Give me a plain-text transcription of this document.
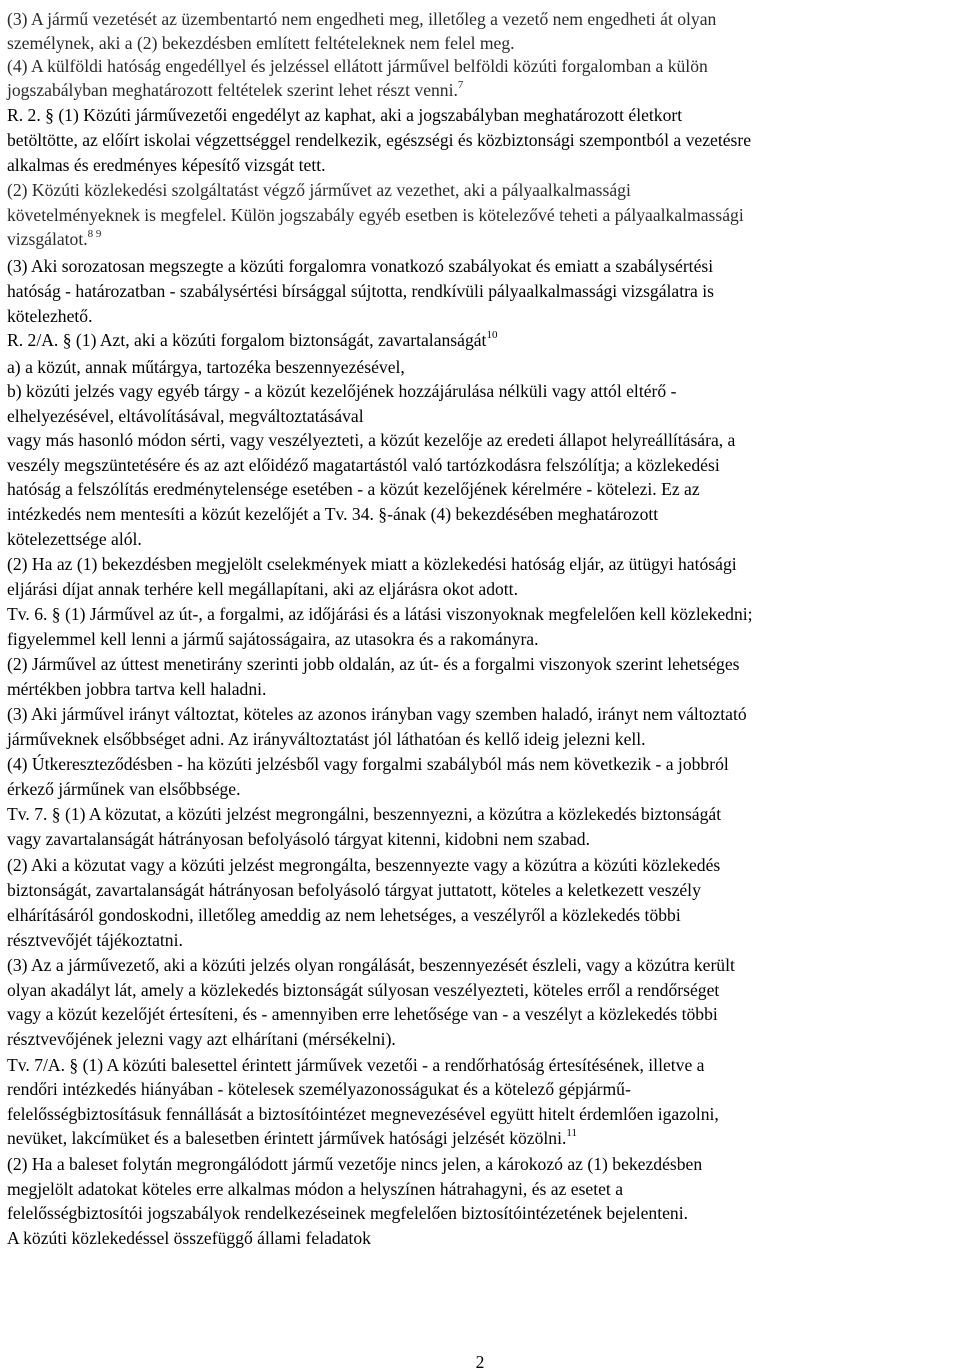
(3) A jármű vezetését az üzembentartó nem engedheti meg, illetőleg a vezető nem engedheti át olyan
személynek, aki a (2) bekezdésben említett feltételeknek nem felel meg.
(4) A külföldi hatóság engedéllyel és jelzéssel ellátott járművel belföldi közúti forgalomban a külön
jogszabályban meghatározott feltételek szerint lehet részt venni.$^7$
R. 2. § (1) Közúti járművezetői engedélyt az kaphat, aki a jogszabályban meghatározott életkort
betöltötte, az előírt iskolai végzettséggel rendelkezik, egészségi és közbiztonsági szempontból a vezetésre
alkalmas és eredményes képesítő vizsgát tett.
(2) Közúti közlekedési szolgáltatást végző járművet az vezethet, aki a pályaalkalmassági
követelményeknek is megfelel. Külön jogszabály egyéb esetben is kötelezővé teheti a pályaalkalmassági
vizsgálatot.$^{8 9}$
(3) Aki sorozatosan megszegte a közúti forgalomra vonatkozó szabályokat és emiatt a szabálysértési
hatóság - határozatban - szabálysértési bírsággal sújtotta, rendkívüli pályaalkalmassági vizsgálatra is
kötelezhető.
R. 2/A. § (1) Azt, aki a közúti forgalom biztonságát, zavartalanságát$^{10}$
a) a közút, annak műtárgya, tartozéka beszennyezésével,
b) közúti jelzés vagy egyéb tárgy - a közút kezelőjének hozzájárulása nélküli vagy attól eltérő -
elhelyezésével, eltávolításával, megváltoztatásával
vagy más hasonló módon sérti, vagy veszélyezteti, a közút kezelője az eredeti állapot helyreállítására, a
veszély megszüntetésére és az azt előidéző magatartástól való tartózkodásra felszólítja; a közlekedési
hatóság a felszólítás eredménytelensége esetében - a közút kezelőjének kérelmére - kötelezi. Ez az
intézkedés nem mentesíti a közút kezelőjét a Tv. 34. §-ának (4) bekezdésében meghatározott
kötelezettsége alól.
(2) Ha az (1) bekezdésben megjelölt cselekmények miatt a közlekedési hatóság eljár, az ütügyi hatósági
eljárási díjat annak terhére kell megállapítani, aki az eljárásra okot adott.
Tv. 6. § (1) Járművel az út-, a forgalmi, az időjárási és a látási viszonyoknak megfelelően kell közlekedni;
figyelemmel kell lenni a jármű sajátosságaira, az utasokra és a rakományra.
(2) Járművel az úttest menetirány szerinti jobb oldalán, az út- és a forgalmi viszonyok szerint lehetséges
mértékben jobbra tartva kell haladni.
(3) Aki járművel irányt változtat, köteles az azonos irányban vagy szemben haladó, irányt nem változtató
járműveknek elsőbbséget adni. Az irányváltoztatást jól láthatóan és kellő ideig jelezni kell.
(4) Útkereszteződésben - ha közúti jelzésből vagy forgalmi szabályból más nem következik - a jobbról
érkező járműnek van elsőbbsége.
Tv. 7. § (1) A közutat, a közúti jelzést megrongálni, beszennyezni, a közútra a közlekedés biztonságát
vagy zavartalanságát hátrányosan befolyásoló tárgyat kitenni, kidobni nem szabad.
(2) Aki a közutat vagy a közúti jelzést megrongálta, beszennyezte vagy a közútra a közúti közlekedés
biztonságát, zavartalanságát hátrányosan befolyásoló tárgyat juttatott, köteles a keletkezett veszély
elhárításáról gondoskodni, illetőleg ameddig az nem lehetséges, a veszélyről a közlekedés többi
résztvevőjét tájékoztatni.
(3) Az a járművezető, aki a közúti jelzés olyan rongálását, beszennyezését észleli, vagy a közútra került
olyan akadályt lát, amely a közlekedés biztonságát súlyosan veszélyezteti, köteles erről a rendőrséget
vagy a közút kezelőjét értesíteni, és - amennyiben erre lehetősége van - a veszélyt a közlekedés többi
résztvevőjének jelezni vagy azt elhárítani (mérsékelni).
Tv. 7/A. § (1) A közúti balesettel érintett járművek vezetői - a rendőrhatóság értesítésének, illetve a
rendőri intézkedés hiányában - kötelesek személyazonosságukat és a kötelező gépjármű-
felelősségbiztosításuk fennállását a biztosítóintézet megnevezésével együtt hitelt érdemlően igazolni,
nevüket, lakcímüket és a balesetben érintett járművek hatósági jelzését közölni.$^{11}$
(2) Ha a baleset folytán megrongálódott jármű vezetője nincs jelen, a károkozó az (1) bekezdésben
megjelölt adatokat köteles erre alkalmas módon a helyszínen hátrahagyni, és az esetet a
felelősségbiztosítói jogszabályok rendelkezéseinek megfelelően biztosítóintézetének bejelenteni.
A közúti közlekedéssel összefüggő állami feladatok
2
